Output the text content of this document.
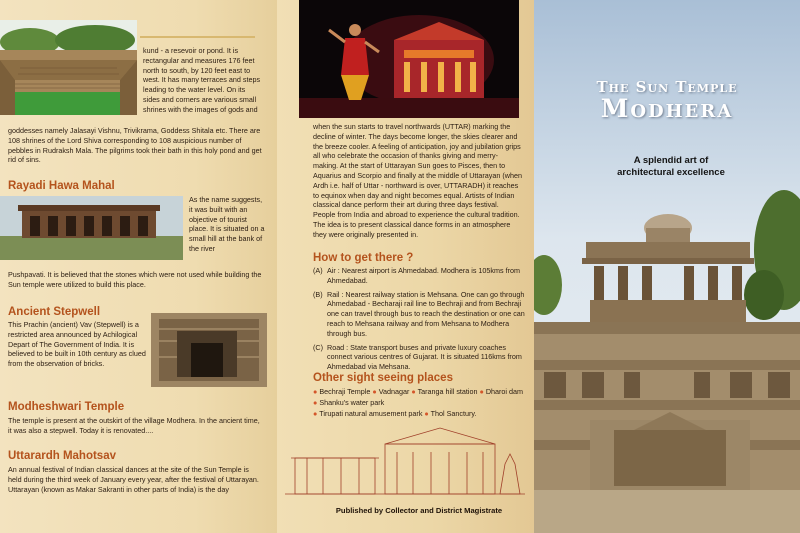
kund - a resevoir or pond. It is rectangular and measures 176 feet north to south, by 120 feet east to west. It has many terraces and steps leading to the water level. On its sides and corners are various small shrines with the images of gods and
goddesses namely Jalasayi Vishnu, Trivikrama, Goddess Shitala etc. There are 108 shrines of the Lord Shiva corresponding to 108 auspicious number of pebbles in Rudraksh Mala. The pilgrims took their bath in this holy pond and get rid of sins.
Rayadi Hawa Mahal
As the name suggests, it was built with an objective of tourist place. It is situated on a small hill at the bank of the river
Pushpavati. It is believed that the stones which were not used while building the Sun temple were utilized to build this place.
Ancient Stepwell
This Prachin (ancient) Vav (Stepwell) is a restricted area announced by Achilogical Depart of The Government of India. It is believed to be built in 10th century as clued from the observation of bricks.
Modheshwari Temple
The temple is present at the outskirt of the village Modhera. In the ancient time, it was also a stepwell. Today it is renovated....
Uttarardh Mahotsav
An annual festival of Indian classical dances at the site of the Sun Temple is held during the third week of January every year, after the festival of Uttarayan. Uttarayan (known as Makar Sakranti in other parts of India) is the day
when the sun starts to travel northwards (UTTAR) marking the decline of winter. The days become longer, the skies clearer and the breeze cooler. A feeling of anticipation, joy and jubilation grips all who celebrate the occasion of thanks giving and merry-making. At the start of Uttarayan Sun goes to Pisces, then to Aquarius and Scorpio and finally at the middle of Uttarayan (when Ardh i.e. half of Uttar - northward is over, UTTARADH) it reaches to equinox when day and night becomes equal. Artists of Indian classical dance perform their art during three days festival. People from India and abroad to experience the cultural tradition. The idea is to present classical dance forms in an atmosphere they were originally presented in.
How to get there ?
(A) Air : Nearest airport is Ahmedabad. Modhera is 105kms from Ahmedabad.
(B) Rail : Nearest railway station is Mehsana. One can go through Ahmedabad - Becharaji rail line to Bechraji and from Bechraji one can travel through bus to reach the destination or one can reach to Mehsana railway and from Mehsana to Modhera through bus.
(C) Road : State transport buses and private luxury coaches connect various centres of Gujarat. It is situated 116kms from Ahmedabad via Mehsana.
Other sight seeing places
● Bechraji Temple ● Vadnagar ● Taranga hill station ● Dharoi dam ● Shanku's water park
● Tirupati natural amusement park ● Thol Sanctury.
Published by Collector and District Magistrate
The Sun Temple
Modhera
A splendid art of architectural excellence
